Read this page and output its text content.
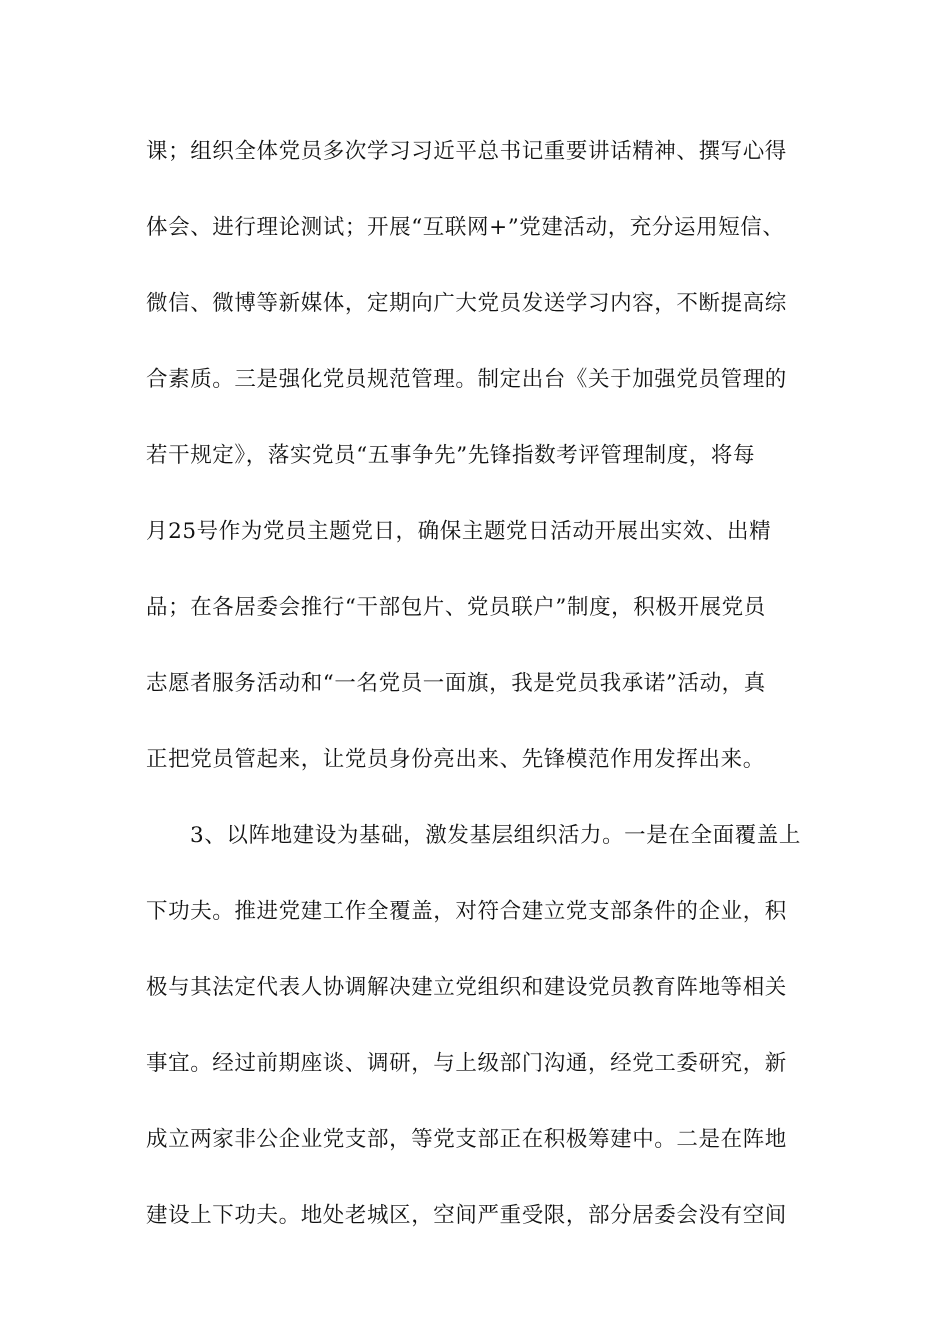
课；组织全体党员多次学习习近平总书记重要讲话精神、撰写心得
体会、进行理论测试；开展“互联网+”党建活动，充分运用短信、
微信、微博等新媒体，定期向广大党员发送学习内容，不断提高综
合素质。三是强化党员规范管理。制定出台《关于加强党员管理的
若干规定》，落实党员“五事争先”先锋指数考评管理制度，将每
月25号作为党员主题党日，确保主题党日活动开展出实效、出精
品；在各居委会推行“干部包片、党员联户”制度，积极开展党员
志愿者服务活动和“一名党员一面旗，我是党员我承诺”活动，真
正把党员管起来，让党员身份亮出来、先锋模范作用发挥出来。
3、以阵地建设为基础，激发基层组织活力。一是在全面覆盖上
下功夫。推进党建工作全覆盖，对符合建立党支部条件的企业，积
极与其法定代表人协调解决建立党组织和建设党员教育阵地等相关
事宜。经过前期座谈、调研，与上级部门沟通，经党工委研究，新
成立两家非公企业党支部，等党支部正在积极筹建中。二是在阵地
建设上下功夫。地处老城区，空间严重受限，部分居委会没有空间
